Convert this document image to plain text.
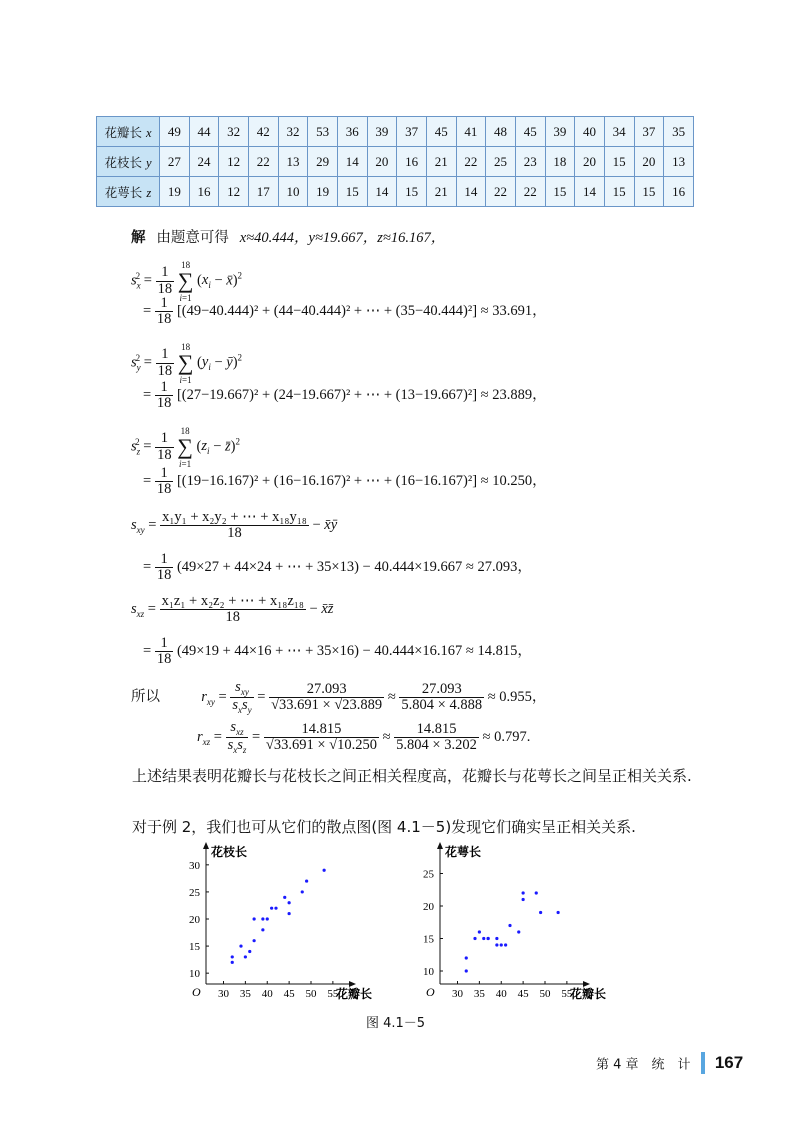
花瓣长 x	49	44	32	42	32	53	36	39	37	45	41	48	45	39	40	34	37	35
花枝长 y	27	24	12	22	13	29	14	20	16	21	22	25	23	18	20	15	20	13
花萼长 z	19	16	12	17	10	19	15	14	15	21	14	22	22	15	14	15	15	16
解 由题意可得 x≈40.444，y≈19.667，z≈16.167，
$s_x^2 = \frac{1}{18}$
18
∑
i=1 ($x_i$ − x̄)$^2$
= $\frac{1}{18} [(49-40.444)^2 + (44-40.444)^2$ + ⋯ + (35−40.444)²] ≈ 33.691，
$s_y^2 = \frac{1}{18}$
18
∑
i=1 ($y_i$ − ȳ)$^2$
= $\frac{1}{18} [(27-19.667)^2 + (24-19.667)^2$ + ⋯ + (13−19.667)²] ≈ 23.889，
$s_z^2 = \frac{1}{18}$
18
∑
i=1 ($z_i$ − z̄)$^2$
= $\frac{1}{18} [(19-16.167)^2 + (16-16.167)^2$ + ⋯ + (16−16.167)²] ≈ 10.250，
$s_{xy} = \frac{\text{x₁y₁ + x₂y₂ + ⋯ + x₁₈y₁₈}}{18}$ − x̄ȳ
= $\frac{1}{18} (49\times 27 + 44\times 24$ + ⋯ + 35×13) − 40.444×19.667 ≈ 27.093，
$s_{xz} = \frac{\text{x₁z₁ + x₂z₂ + ⋯ + x₁₈z₁₈}}{18}$ − x̄z̄
= $\frac{1}{18} (49\times 19 + 44\times 16$ + ⋯ + 35×16) − 40.444×16.167 ≈ 14.815，
所以	$r_{xy} = \frac{s_{xy}}{s_xs_y} = \frac{27.093}{√33.691 \times √23.889} \approx \frac{27.093}{5.804 \times 4.888} \approx 0.955$，
$r_{xz} = \frac{s_{xz}}{s_xs_z} = \frac{14.815}{√33.691 \times √10.250} \approx \frac{14.815}{5.804 \times 3.202} \approx 0.797$.
上述结果表明花瓣长与花枝长之间正相关程度高，花瓣长与花萼长之间呈正相关关系.
对于例 2，我们也可从它们的散点图(图 4.1－5)发现它们确实呈正相关关系.
O 30 35 40 45 50 55
10
15
20
25
30
花枝长
花瓣长	O 30 35 40 45 50 55
10
15
20
25
花萼长
花瓣长
图 4.1－5
第 4 章　统　计 167
